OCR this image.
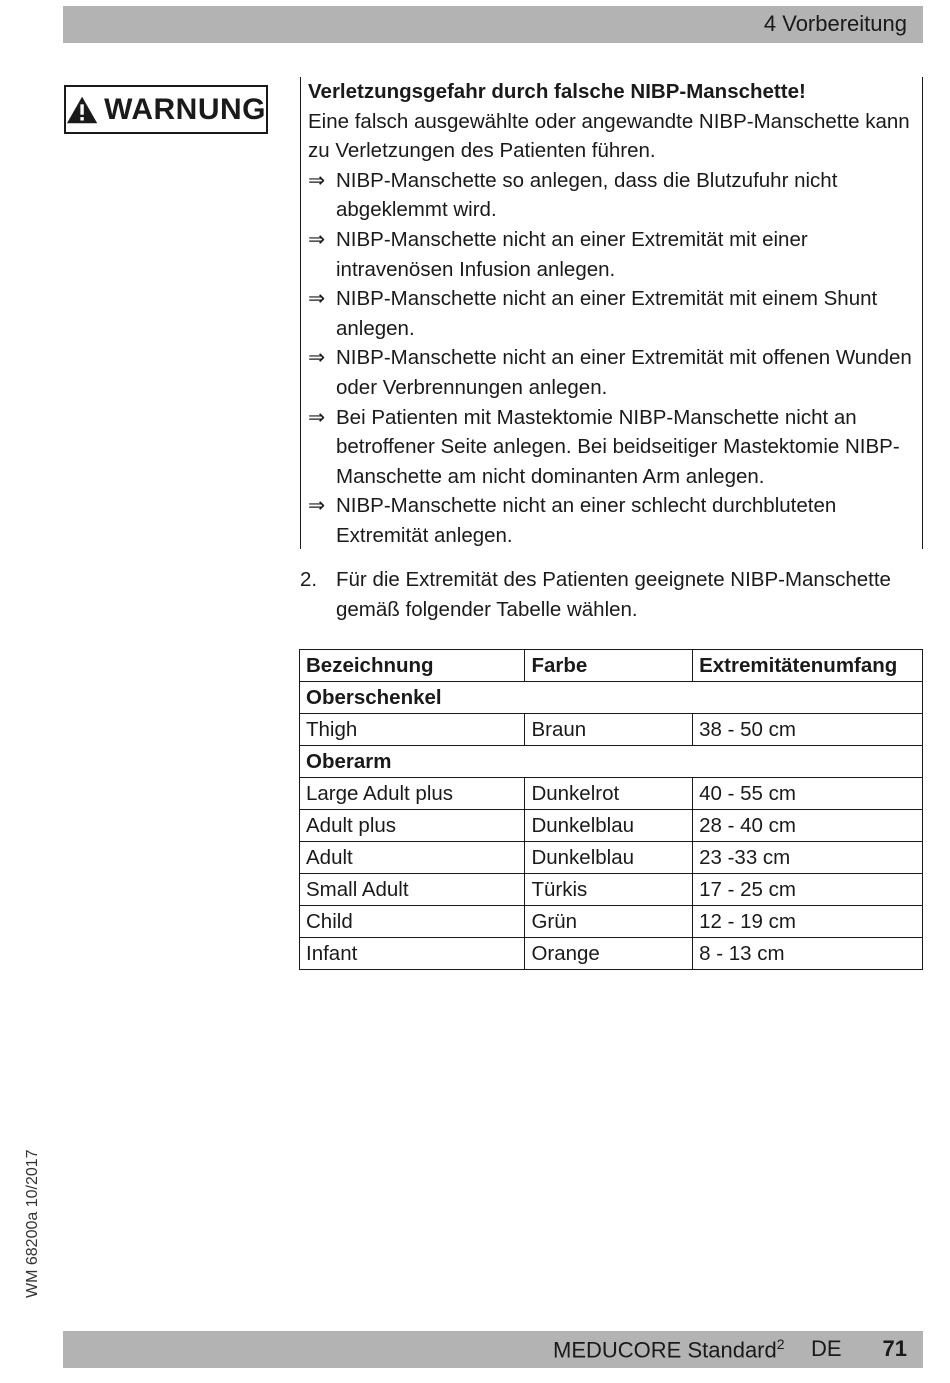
4 Vorbereitung
WARNUNG
Verletzungsgefahr durch falsche NIBP-Manschette!
Eine falsch ausgewählte oder angewandte NIBP-Manschette kann zu Verletzungen des Patienten führen.
⇒ NIBP-Manschette so anlegen, dass die Blutzufuhr nicht abgeklemmt wird.
⇒ NIBP-Manschette nicht an einer Extremität mit einer intravenösen Infusion anlegen.
⇒ NIBP-Manschette nicht an einer Extremität mit einem Shunt anlegen.
⇒ NIBP-Manschette nicht an einer Extremität mit offenen Wunden oder Verbrennungen anlegen.
⇒ Bei Patienten mit Mastektomie NIBP-Manschette nicht an betroffener Seite anlegen. Bei beidseitiger Mastektomie NIBP-Manschette am nicht dominanten Arm anlegen.
⇒ NIBP-Manschette nicht an einer schlecht durchbluteten Extremität anlegen.
2. Für die Extremität des Patienten geeignete NIBP-Manschette gemäß folgender Tabelle wählen.
Bezeichnung	Farbe	Extremitätenumfang
Oberschenkel		
Thigh	Braun	38 - 50 cm
Oberarm		
Large Adult plus	Dunkelrot	40 - 55 cm
Adult plus	Dunkelblau	28 - 40 cm
Adult	Dunkelblau	23 -33 cm
Small Adult	Türkis	17 - 25 cm
Child	Grün	12 - 19 cm
Infant	Orange	8 - 13 cm
WM 68200a 10/2017
MEDUCORE Standard$^2$ DE 71
